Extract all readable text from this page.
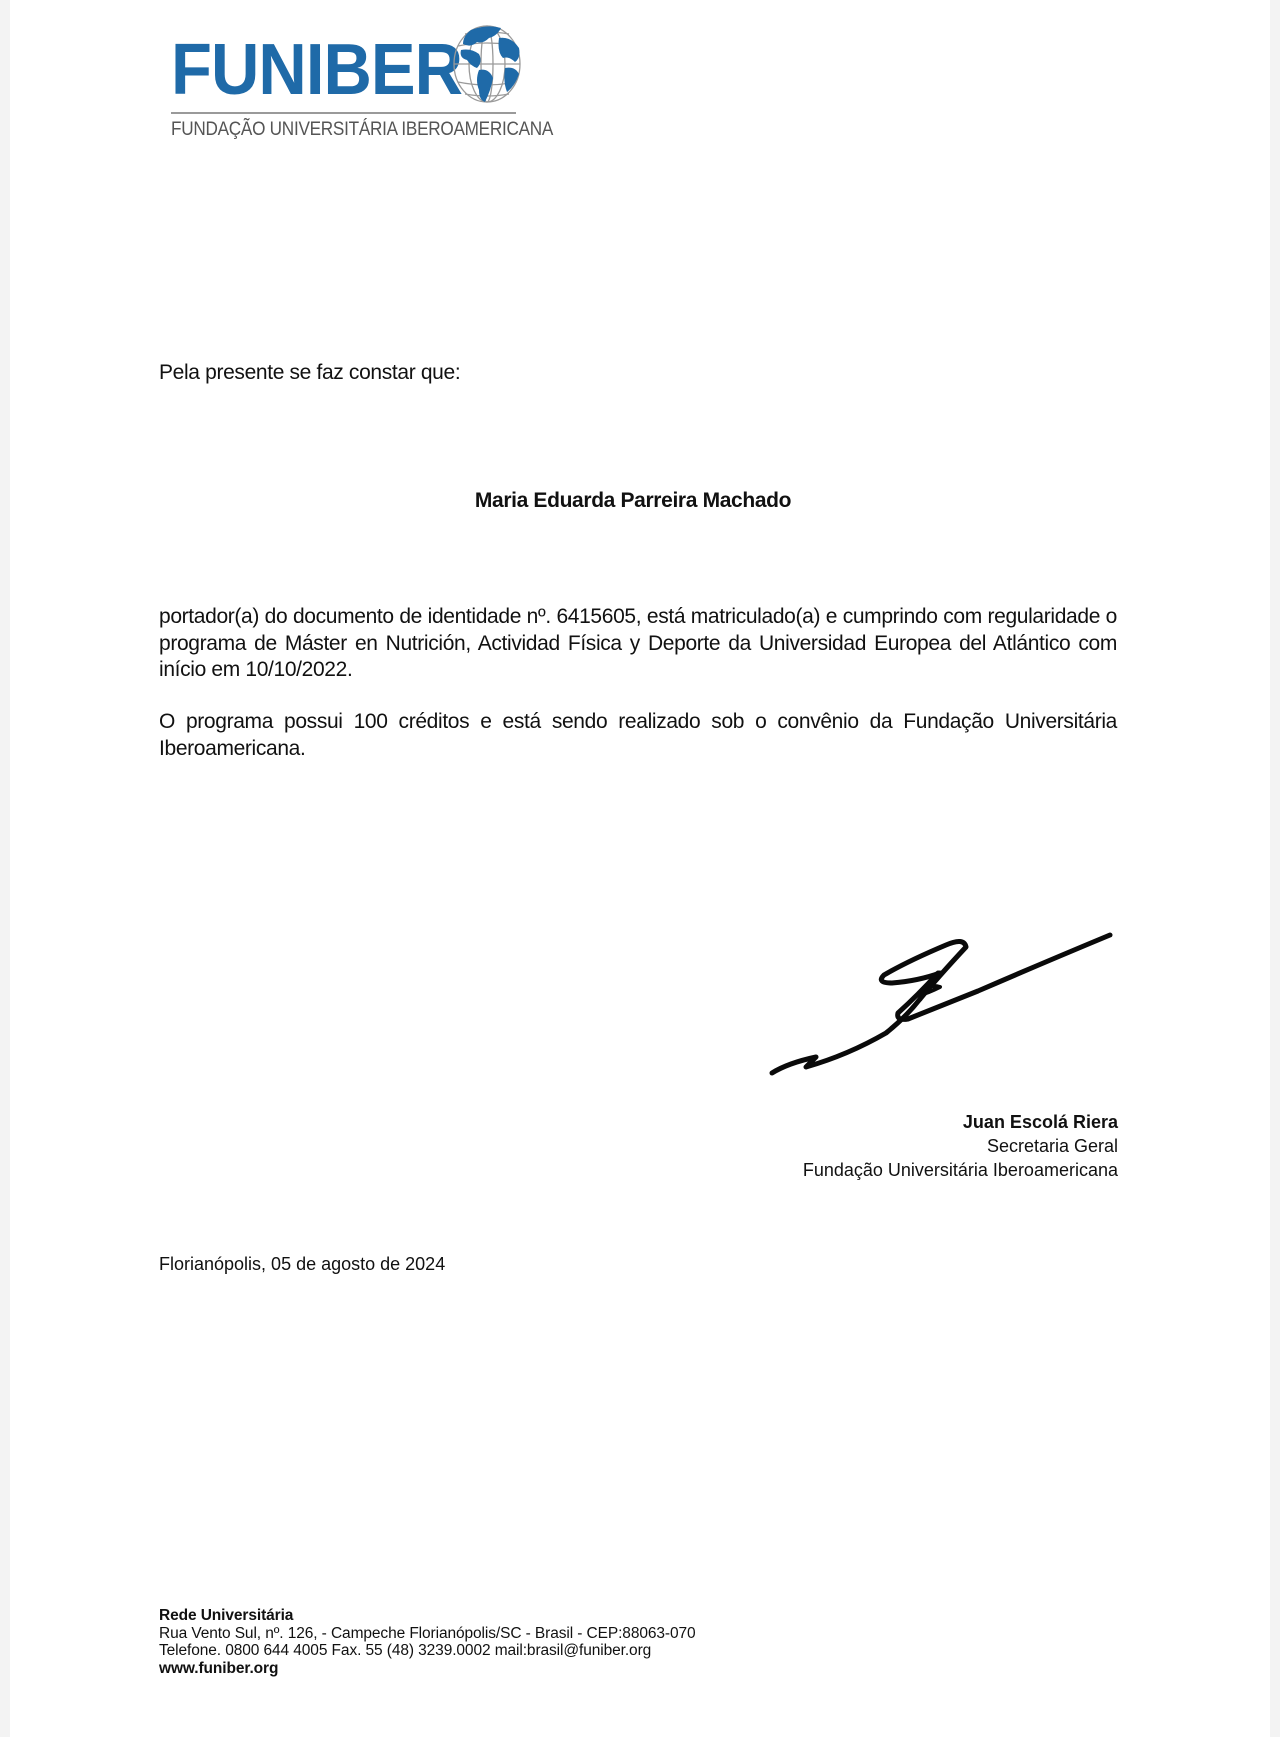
FUNIBER
FUNDAÇÃO UNIVERSITÁRIA IBEROAMERICANA
Pela presente se faz constar que:
Maria Eduarda Parreira Machado
portador(a) do documento de identidade nº. 6415605, está matriculado(a) e cumprindo com regularidade o programa de Máster en Nutrición, Actividad Física y Deporte da Universidad Europea del Atlántico com início em 10/10/2022.
O programa possui 100 créditos e está sendo realizado sob o convênio da Fundação Universitária Iberoamericana.
Juan Escolá Riera
Secretaria Geral
Fundação Universitária Iberoamericana
Florianópolis, 05 de agosto de 2024
Rede Universitária
Rua Vento Sul, nº. 126, - Campeche Florianópolis/SC - Brasil - CEP:88063-070
Telefone. 0800 644 4005 Fax. 55 (48) 3239.0002 mail:brasil@funiber.org
www.funiber.org
